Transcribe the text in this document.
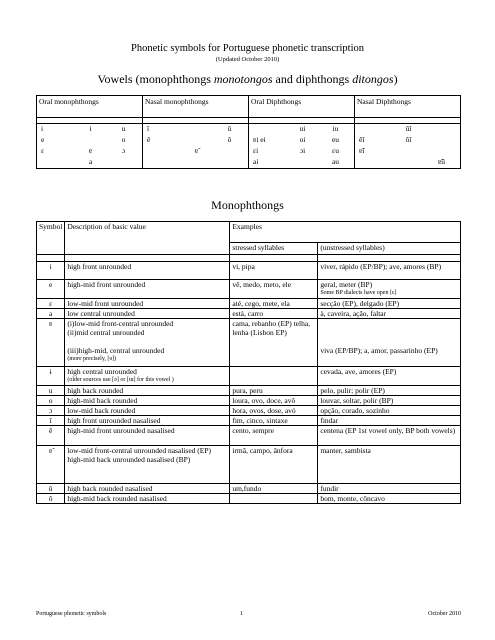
Phonetic symbols for Portuguese phonetic transcription
(Updated October 2010)
Vowels (monophthongs monotongos and diphthongs ditongos)
Oral monophthongs	Nasal monophthongs	Oral Diphthongs	Nasal Diphthongs

i i u	ĩ ũ	ui iu	ũĩ

e o	ẽ õ	ɐi ei oi eu	ẽĩ õĩ

ɛ ɐ ɔ	ɐ̃	ɛi ɔi ɛu	ɐ̃ĩ

a		ai au	ɐ̃ũ
Monophthongs
Symbol	Description of basic value	Examples	
		stressed syllables	(unstressed syllables)

i	high front unrounded	vi, pipa	viver, rápido (EP/BP); ave, amores (BP)
e	high-mid front unrounded	vê, medo, meto, ele	geral, meter (BP)
Some BP dialects have open [ɛ]

ɛ	low-mid front unrounded	até, cego, mete, ela	secção (EP), delgado (EP)
a	low central unrounded	está, carro	à, caveira, ação, faltar
ɐ	(i)low-mid front-central unrounded
(ii)mid central unrounded
(iii)high-mid, central unrounded
(more precisely, [ɘ])	cama, rebanho (EP) telha, lenha (Lisbon EP)	viva (EP/BP); a, amor, passarinho (EP)

ɨ	high central unrounded
(older sources use [ə] or [ɯ] for this vowel )		cevada, ave, amores (EP)
u	high back rounded	pura, peru	pelo, pulir; polir (EP)
o	high-mid back rounded	loura, ovo, doce, avô	louvar, soltar, polir (BP)
ɔ	low-mid back rounded	hora, ovos, dose, avó	opção, corado, sozinho
ĩ	high front unrounded nasalised	fim, cinco, sintaxe	findar
ẽ	high-mid front unrounded nasalised	cento, sempre	centena (EP 1st vowel only, BP both vowels)
ɐ̃	low-mid front-central unrounded nasalised (EP) high-mid back unrounded nasalised (BP)	irmã, campo, ânfora	manter, sambista
ũ	high back rounded nasalised	um,fundo	fundir
õ	high-mid back rounded nasalised		bom, monte, côncavo
Portuguese phonetic symbols	1	October 2010
